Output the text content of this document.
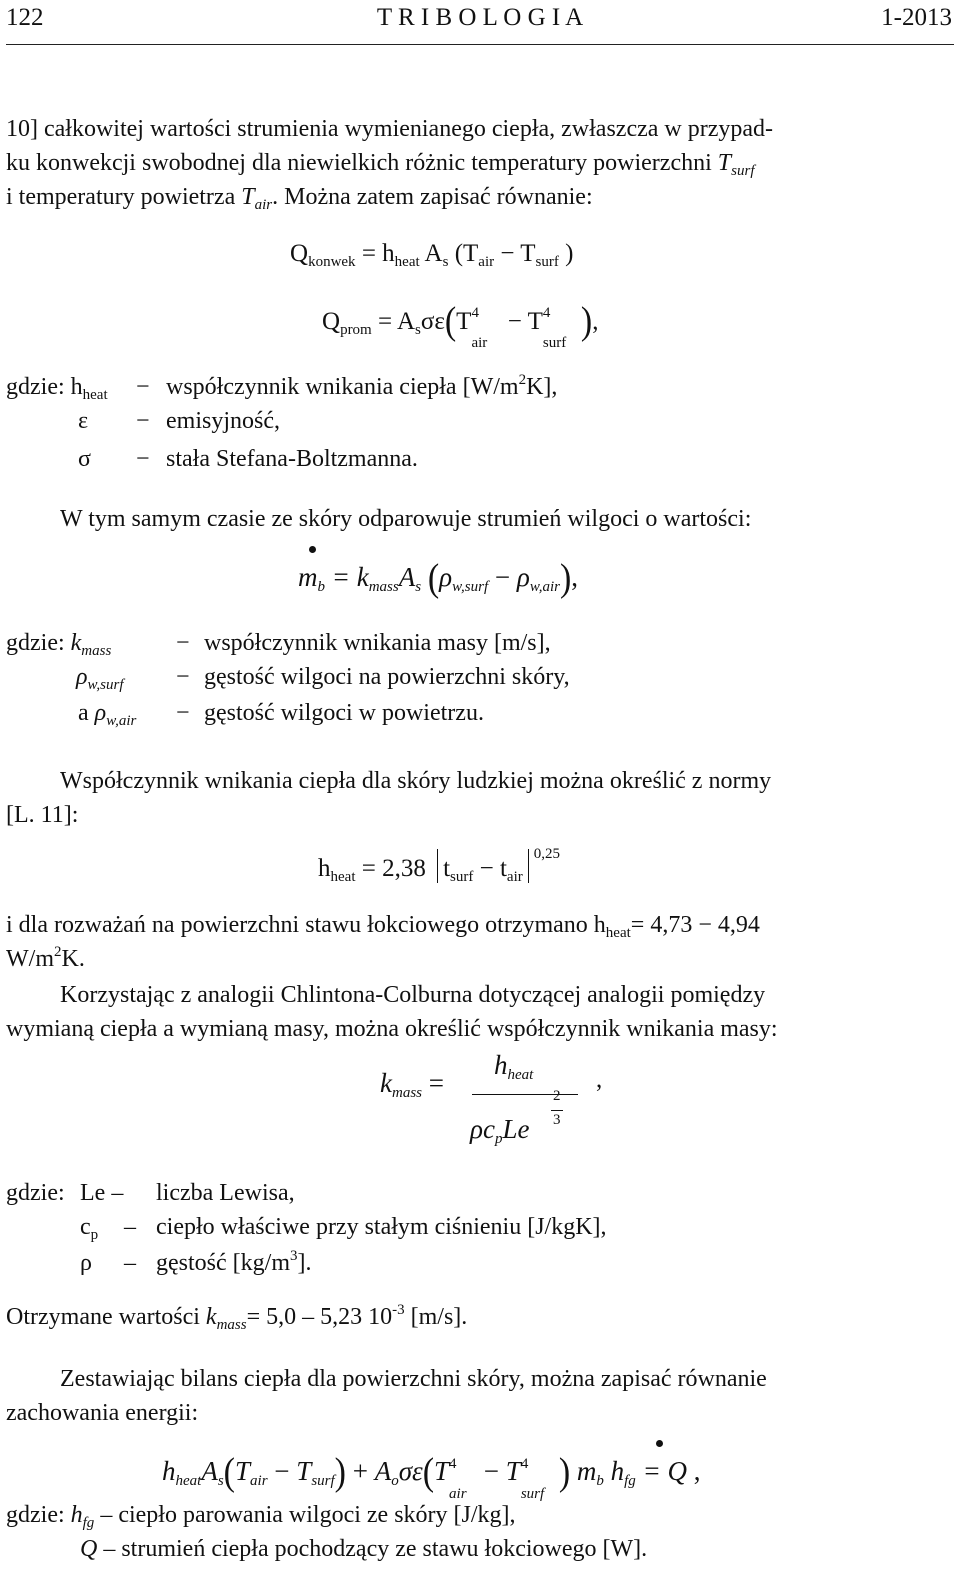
122	T R I B O L O G I A	1-2013
10] całkowitej wartości strumienia wymienianego ciepła, zwłaszcza w przypad-
ku konwekcji swobodnej dla niewielkich różnic temperatury powierzchni $T_{surf}$
i temperatury powietrza $T_{air}$. Można zatem zapisać równanie:
$Q_{konwek} = h_{heat}$ $A_s$ ($T_{air} - T_{surf}$ )
$Q_{prom} = A_s\sigma\varepsilon(T$ 4
air
− T 4
surf
),
gdzie: $h_{heat}$ − współczynnik wnikania ciepła $[W/m^2K]$,
ε − emisyjność,
σ − stała Stefana-Boltzmanna.
W tym samym czasie ze skóry odparowuje strumień wilgoci o wartości:
$m_b = k_{mass}A_s$ $(\rho_{w,surf} - \rho_{w,air})$,
gdzie: $k_{mass}$	− współczynnik wnikania masy [m/s],
$\rho_{w,surf}$ − gęstość wilgoci na powierzchni skóry,
a $\rho_{w,air}$ − gęstość wilgoci w powietrzu.
Współczynnik wnikania ciepła dla skóry ludzkiej można określić z normy
[L. 11]:
$h_{heat} = 2,38$ $t_{surf} - t_{air}^{0,25}$
i dla rozważań na powierzchni stawu łokciowego otrzymano $h_{heat}= 4,73 - 4,94$
$W/m^2K$.
Korzystając z analogii Chlintona-Colburna dotyczącej analogii pomiędzy
wymianą ciepła a wymianą masy, można określić współczynnik wnikania masy:
$k_{mass}$ =
$h_{heat}$	,
$\rho c_pLe$
2
3
gdzie: Le – liczba Lewisa,
$c_p$ – ciepło właściwe przy stałym ciśnieniu [J/kgK],
ρ – gęstość $[kg/m^3]$.
Otrzymane wartości $k_{mass}= 5,0 - 5,23$ $10^{-3}$ [m/s].
Zestawiając bilans ciepła dla powierzchni skóry, można zapisać równanie
zachowania energii:
$h_{heat}A_s(T_{air} - T_{surf}) + A_o\sigma\varepsilon(T$ 4
air
− T 4
surf
) $m_b$ $h_{fg} = Q$ ,
gdzie: $h_{fg}$ – ciepło parowania wilgoci ze skóry [J/kg],
Q – strumień ciepła pochodzący ze stawu łokciowego [W].
